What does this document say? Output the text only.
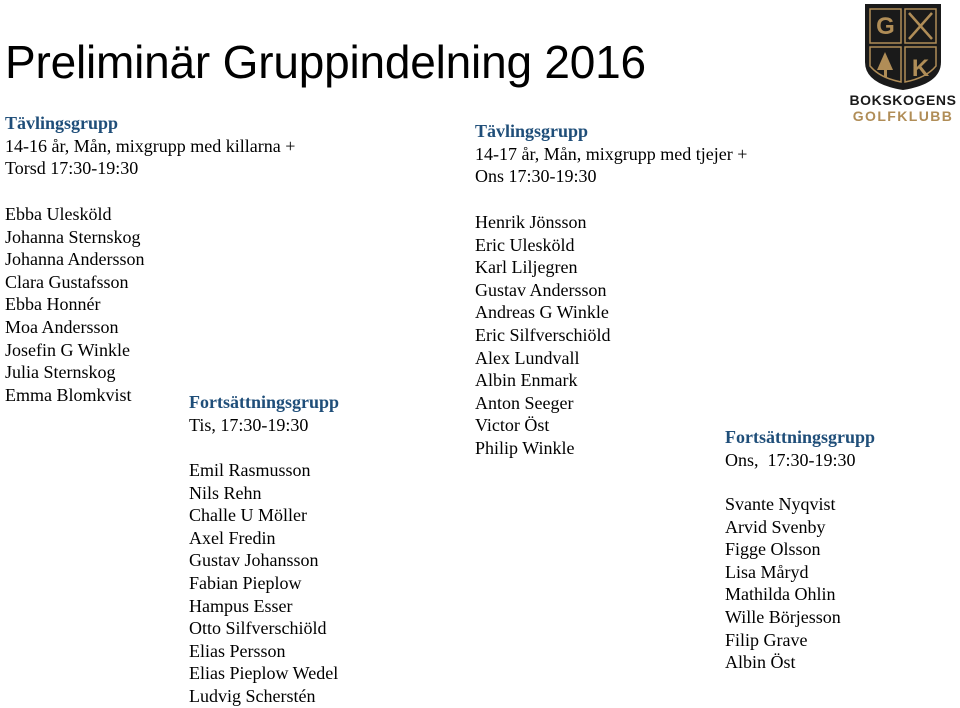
Preliminär Gruppindelning 2016
G
K
BOKSKOGENS
GOLFKLUBB
Tävlingsgrupp
14-16 år, Mån, mixgrupp med killarna +
Torsd 17:30-19:30
Ebba Ulesköld
Johanna Sternskog
Johanna Andersson
Clara Gustafsson
Ebba Honnér
Moa Andersson
Josefin G Winkle
Julia Sternskog
Emma Blomkvist	Fortsättningsgrupp
Tis, 17:30-19:30
Emil Rasmusson
Nils Rehn
Challe U Möller
Axel Fredin
Gustav Johansson
Fabian Pieplow
Hampus Esser
Otto Silfverschiöld
Elias Persson
Elias Pieplow Wedel
Ludvig Scherstén
Tävlingsgrupp
14-17 år, Mån, mixgrupp med tjejer +
Ons 17:30-19:30
Henrik Jönsson
Eric Ulesköld
Karl Liljegren
Gustav Andersson
Andreas G Winkle
Eric Silfverschiöld
Alex Lundvall
Albin Enmark
Anton Seeger
Victor Öst
Philip Winkle
Fortsättningsgrupp
Ons,  17:30-19:30
Svante Nyqvist
Arvid Svenby
Figge Olsson
Lisa Måryd
Mathilda Ohlin
Wille Börjesson
Filip Grave
Albin Öst
